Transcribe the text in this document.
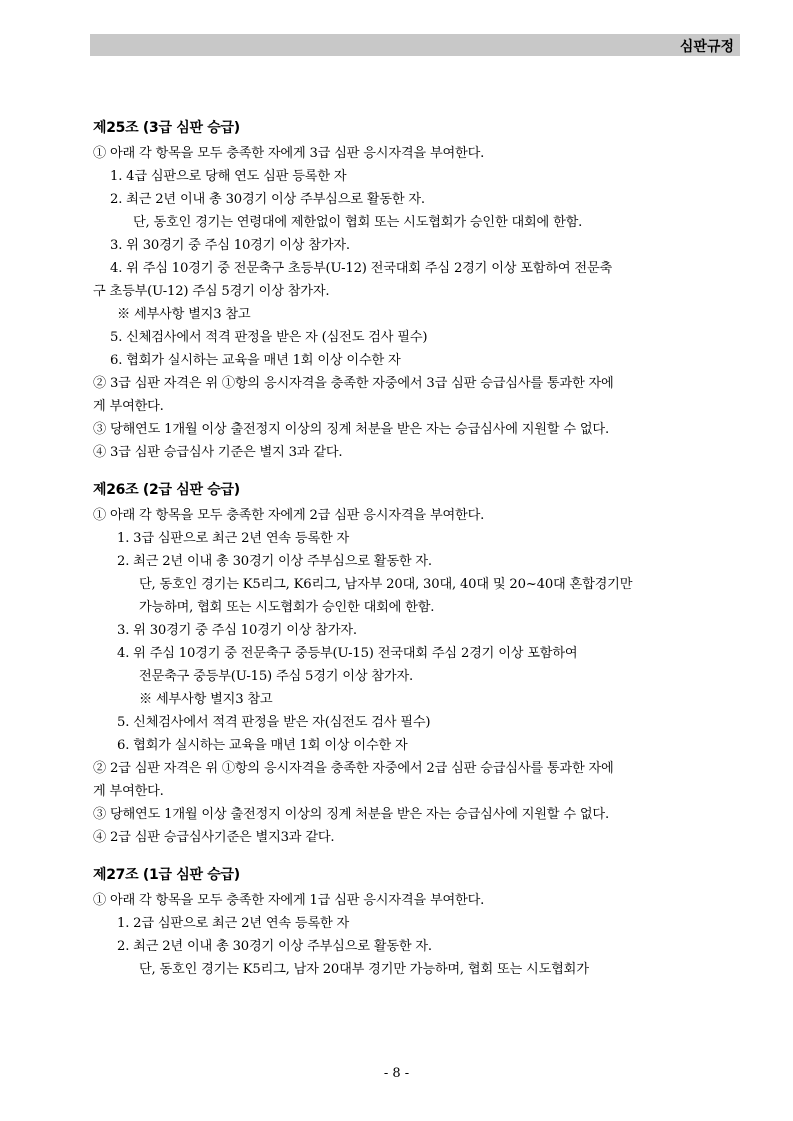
심판규정
제25조 (3급 심판 승급)
① 아래 각 항목을 모두 충족한 자에게 3급 심판 응시자격을 부여한다.
1. 4급 심판으로 당해 연도 심판 등록한 자
2. 최근 2년 이내 총 30경기 이상 주부심으로 활동한 자.
단, 동호인 경기는 연령대에 제한없이 협회 또는 시도협회가 승인한 대회에 한함.
3. 위 30경기 중 주심 10경기 이상 참가자.
4. 위 주심 10경기 중 전문축구 초등부(U-12) 전국대회 주심 2경기 이상 포함하여 전문축
구 초등부(U-12) 주심 5경기 이상 참가자.
※ 세부사항 별지3 참고
5. 신체검사에서 적격 판정을 받은 자 (심전도 검사 필수)
6. 협회가 실시하는 교육을 매년 1회 이상 이수한 자
② 3급 심판 자격은 위 ①항의 응시자격을 충족한 자중에서 3급 심판 승급심사를 통과한 자에
게 부여한다.
③ 당해연도 1개월 이상 출전정지 이상의 징계 처분을 받은 자는 승급심사에 지원할 수 없다.
④ 3급 심판 승급심사 기준은 별지 3과 같다.
제26조 (2급 심판 승급)
① 아래 각 항목을 모두 충족한 자에게 2급 심판 응시자격을 부여한다.
1. 3급 심판으로 최근 2년 연속 등록한 자
2. 최근 2년 이내 총 30경기 이상 주부심으로 활동한 자.
단, 동호인 경기는 K5리그, K6리그, 남자부 20대, 30대, 40대 및 20~40대 혼합경기만
가능하며, 협회 또는 시도협회가 승인한 대회에 한함.
3. 위 30경기 중 주심 10경기 이상 참가자.
4. 위 주심 10경기 중 전문축구 중등부(U-15) 전국대회 주심 2경기 이상 포함하여
전문축구 중등부(U-15) 주심 5경기 이상 참가자.
※ 세부사항 별지3 참고
5. 신체검사에서 적격 판정을 받은 자(심전도 검사 필수)
6. 협회가 실시하는 교육을 매년 1회 이상 이수한 자
② 2급 심판 자격은 위 ①항의 응시자격을 충족한 자중에서 2급 심판 승급심사를 통과한 자에
게 부여한다.
③ 당해연도 1개월 이상 출전정지 이상의 징계 처분을 받은 자는 승급심사에 지원할 수 없다.
④ 2급 심판 승급심사기준은 별지3과 같다.
제27조 (1급 심판 승급)
① 아래 각 항목을 모두 충족한 자에게 1급 심판 응시자격을 부여한다.
1. 2급 심판으로 최근 2년 연속 등록한 자
2. 최근 2년 이내 총 30경기 이상 주부심으로 활동한 자.
단, 동호인 경기는 K5리그, 남자 20대부 경기만 가능하며, 협회 또는 시도협회가
- 8 -
